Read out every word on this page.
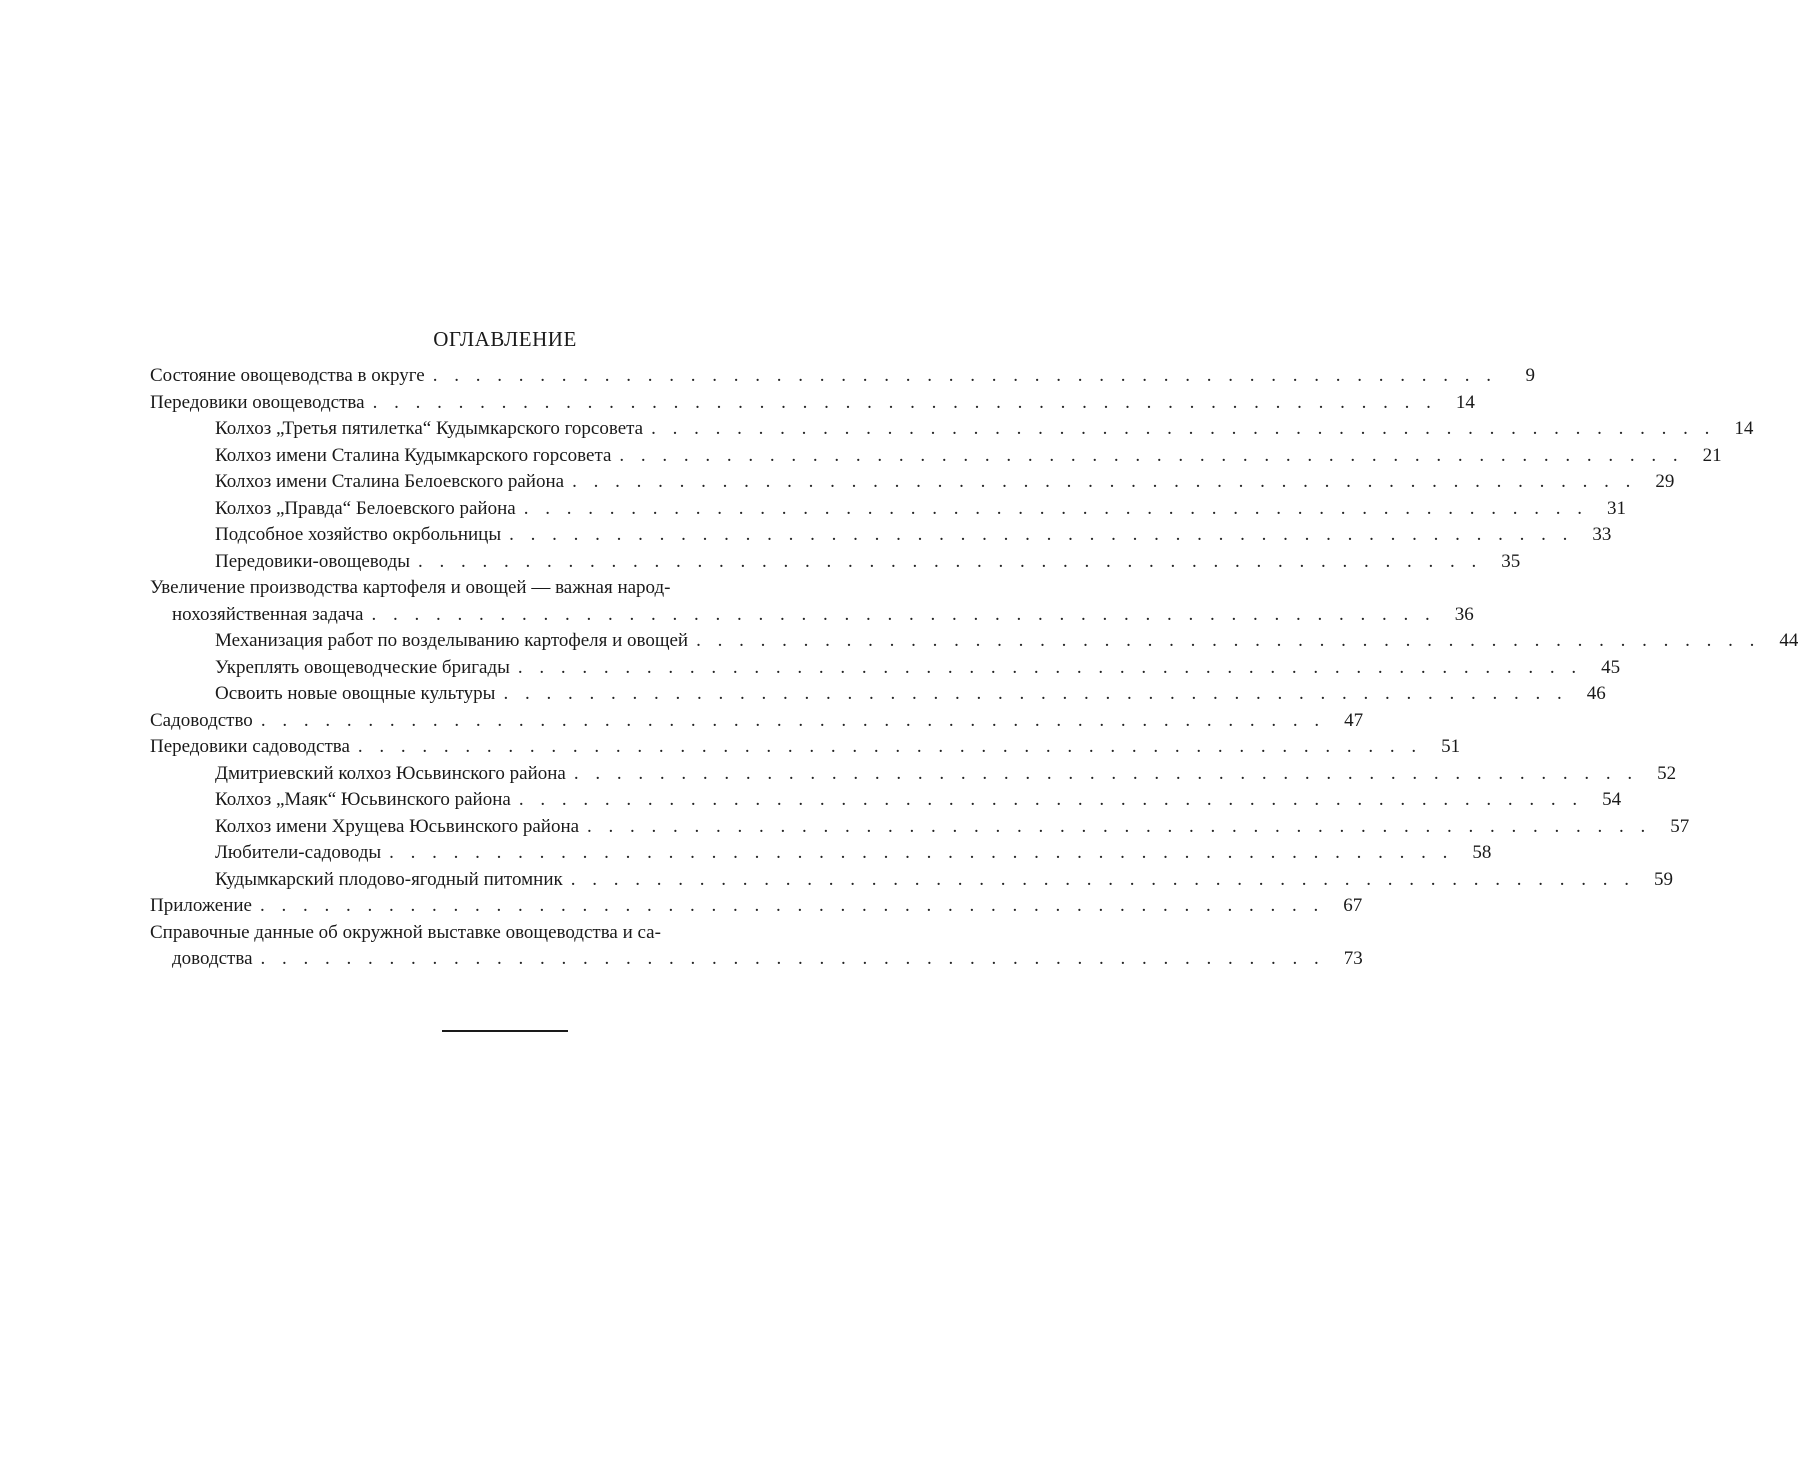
ОГЛАВЛЕНИЕ
Состояние овощеводства в округе . . . . . . . . . . . . . . . . . . . . . . . . . . . . . . . . . . . . . . . . . . . . . . . . . .	9
Передовики овощеводства . . . . . . . . . . . . . . . . . . . . . . . . . . . . . . . . . . . . . . . . . . . . . . . . . .	14
Колхоз „Третья пятилетка“ Кудымкарского горсовета . . . . . . . . . . . . . . . . . . . . . . . . . . . . . . . . . . . . . . . . . . . . . . . . . .	14
Колхоз имени Сталина Кудымкарского горсовета . . . . . . . . . . . . . . . . . . . . . . . . . . . . . . . . . . . . . . . . . . . . . . . . . .	21
Колхоз имени Сталина Белоевского района . . . . . . . . . . . . . . . . . . . . . . . . . . . . . . . . . . . . . . . . . . . . . . . . . .	29
Колхоз „Правда“ Белоевского района . . . . . . . . . . . . . . . . . . . . . . . . . . . . . . . . . . . . . . . . . . . . . . . . . .	31
Подсобное хозяйство окрбольницы . . . . . . . . . . . . . . . . . . . . . . . . . . . . . . . . . . . . . . . . . . . . . . . . . .	33
Передовики-овощеводы . . . . . . . . . . . . . . . . . . . . . . . . . . . . . . . . . . . . . . . . . . . . . . . . . .	35
Увеличение производства картофеля и овощей — важная народ-
нохозяйственная задача . . . . . . . . . . . . . . . . . . . . . . . . . . . . . . . . . . . . . . . . . . . . . . . . . .	36
Механизация работ по возделыванию картофеля и овощей . . . . . . . . . . . . . . . . . . . . . . . . . . . . . . . . . . . . . . . . . . . . . . . . . .	44
Укреплять овощеводческие бригады . . . . . . . . . . . . . . . . . . . . . . . . . . . . . . . . . . . . . . . . . . . . . . . . . .	45
Освоить новые овощные культуры . . . . . . . . . . . . . . . . . . . . . . . . . . . . . . . . . . . . . . . . . . . . . . . . . .	46
Садоводство . . . . . . . . . . . . . . . . . . . . . . . . . . . . . . . . . . . . . . . . . . . . . . . . . .	47
Передовики садоводства . . . . . . . . . . . . . . . . . . . . . . . . . . . . . . . . . . . . . . . . . . . . . . . . . .	51
Дмитриевский колхоз Юсьвинского района . . . . . . . . . . . . . . . . . . . . . . . . . . . . . . . . . . . . . . . . . . . . . . . . . .	52
Колхоз „Маяк“ Юсьвинского района . . . . . . . . . . . . . . . . . . . . . . . . . . . . . . . . . . . . . . . . . . . . . . . . . .	54
Колхоз имени Хрущева Юсьвинского района . . . . . . . . . . . . . . . . . . . . . . . . . . . . . . . . . . . . . . . . . . . . . . . . . .	57
Любители-садоводы . . . . . . . . . . . . . . . . . . . . . . . . . . . . . . . . . . . . . . . . . . . . . . . . . .	58
Кудымкарский плодово-ягодный питомник . . . . . . . . . . . . . . . . . . . . . . . . . . . . . . . . . . . . . . . . . . . . . . . . . .	59
Приложение . . . . . . . . . . . . . . . . . . . . . . . . . . . . . . . . . . . . . . . . . . . . . . . . . .	67
Справочные данные об окружной выставке овощеводства и са-
доводства . . . . . . . . . . . . . . . . . . . . . . . . . . . . . . . . . . . . . . . . . . . . . . . . . .	73
